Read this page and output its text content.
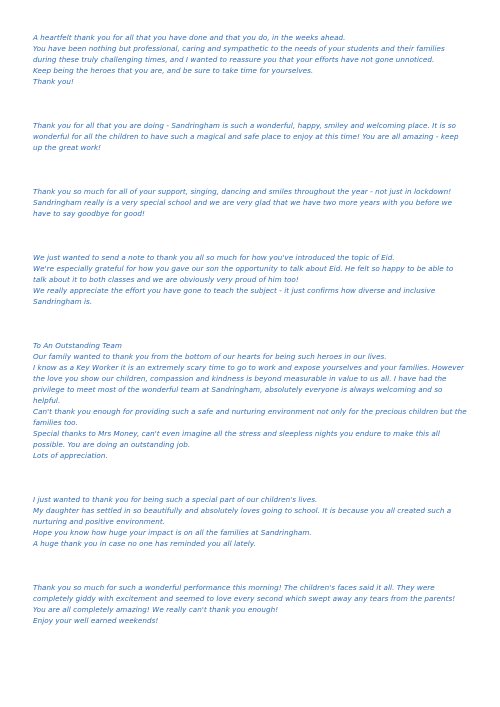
A heartfelt thank you for all that you have done and that you do, in the weeks ahead.

You have been nothing but professional, caring and sympathetic to the needs of your students and their families during these truly challenging times, and I wanted to reassure you that your efforts have not gone unnoticed.

Keep being the heroes that you are, and be sure to take time for yourselves.

Thank you!

Thank you for all that you are doing - Sandringham is such a wonderful, happy, smiley and welcoming place. It is so wonderful for all the children to have such a magical and safe place to enjoy at this time! You are all amazing - keep up the great work!

Thank you so much for all of your support, singing, dancing and smiles throughout the year - not just in lockdown!

Sandringham really is a very special school and we are very glad that we have two more years with you before we have to say goodbye for good!

We just wanted to send a note to thank you all so much for how you've introduced the topic of Eid.

We're especially grateful for how you gave our son the opportunity to talk about Eid. He felt so happy to be able to talk about it to both classes and we are obviously very proud of him too!

We really appreciate the effort you have gone to teach the subject - it just confirms how diverse and inclusive Sandringham is.

To An Outstanding Team

Our family wanted to thank you from the bottom of our hearts for being such heroes in our lives.

I know as a Key Worker it is an extremely scary time to go to work and expose yourselves and your families. However the love you show our children, compassion and kindness is beyond measurable in value to us all. I have had the privilege to meet most of the wonderful team at Sandringham, absolutely everyone is always welcoming and so helpful.

Can't thank you enough for providing such a safe and nurturing environment not only for the precious children but the families too.

Special thanks to Mrs Money, can't even imagine all the stress and sleepless nights you endure to make this all possible. You are doing an outstanding job.

Lots of appreciation.

I just wanted to thank you for being such a special part of our children's lives.

My daughter has settled in so beautifully and absolutely loves going to school. It is because you all created such a nurturing and positive environment.

Hope you know how huge your impact is on all the families at Sandringham.

A huge thank you in case no one has reminded you all lately.

Thank you so much for such a wonderful performance this morning! The children's faces said it all. They were completely giddy with excitement and seemed to love every second which swept away any tears from the parents!

You are all completely amazing! We really can't thank you enough!

Enjoy your well earned weekends!
